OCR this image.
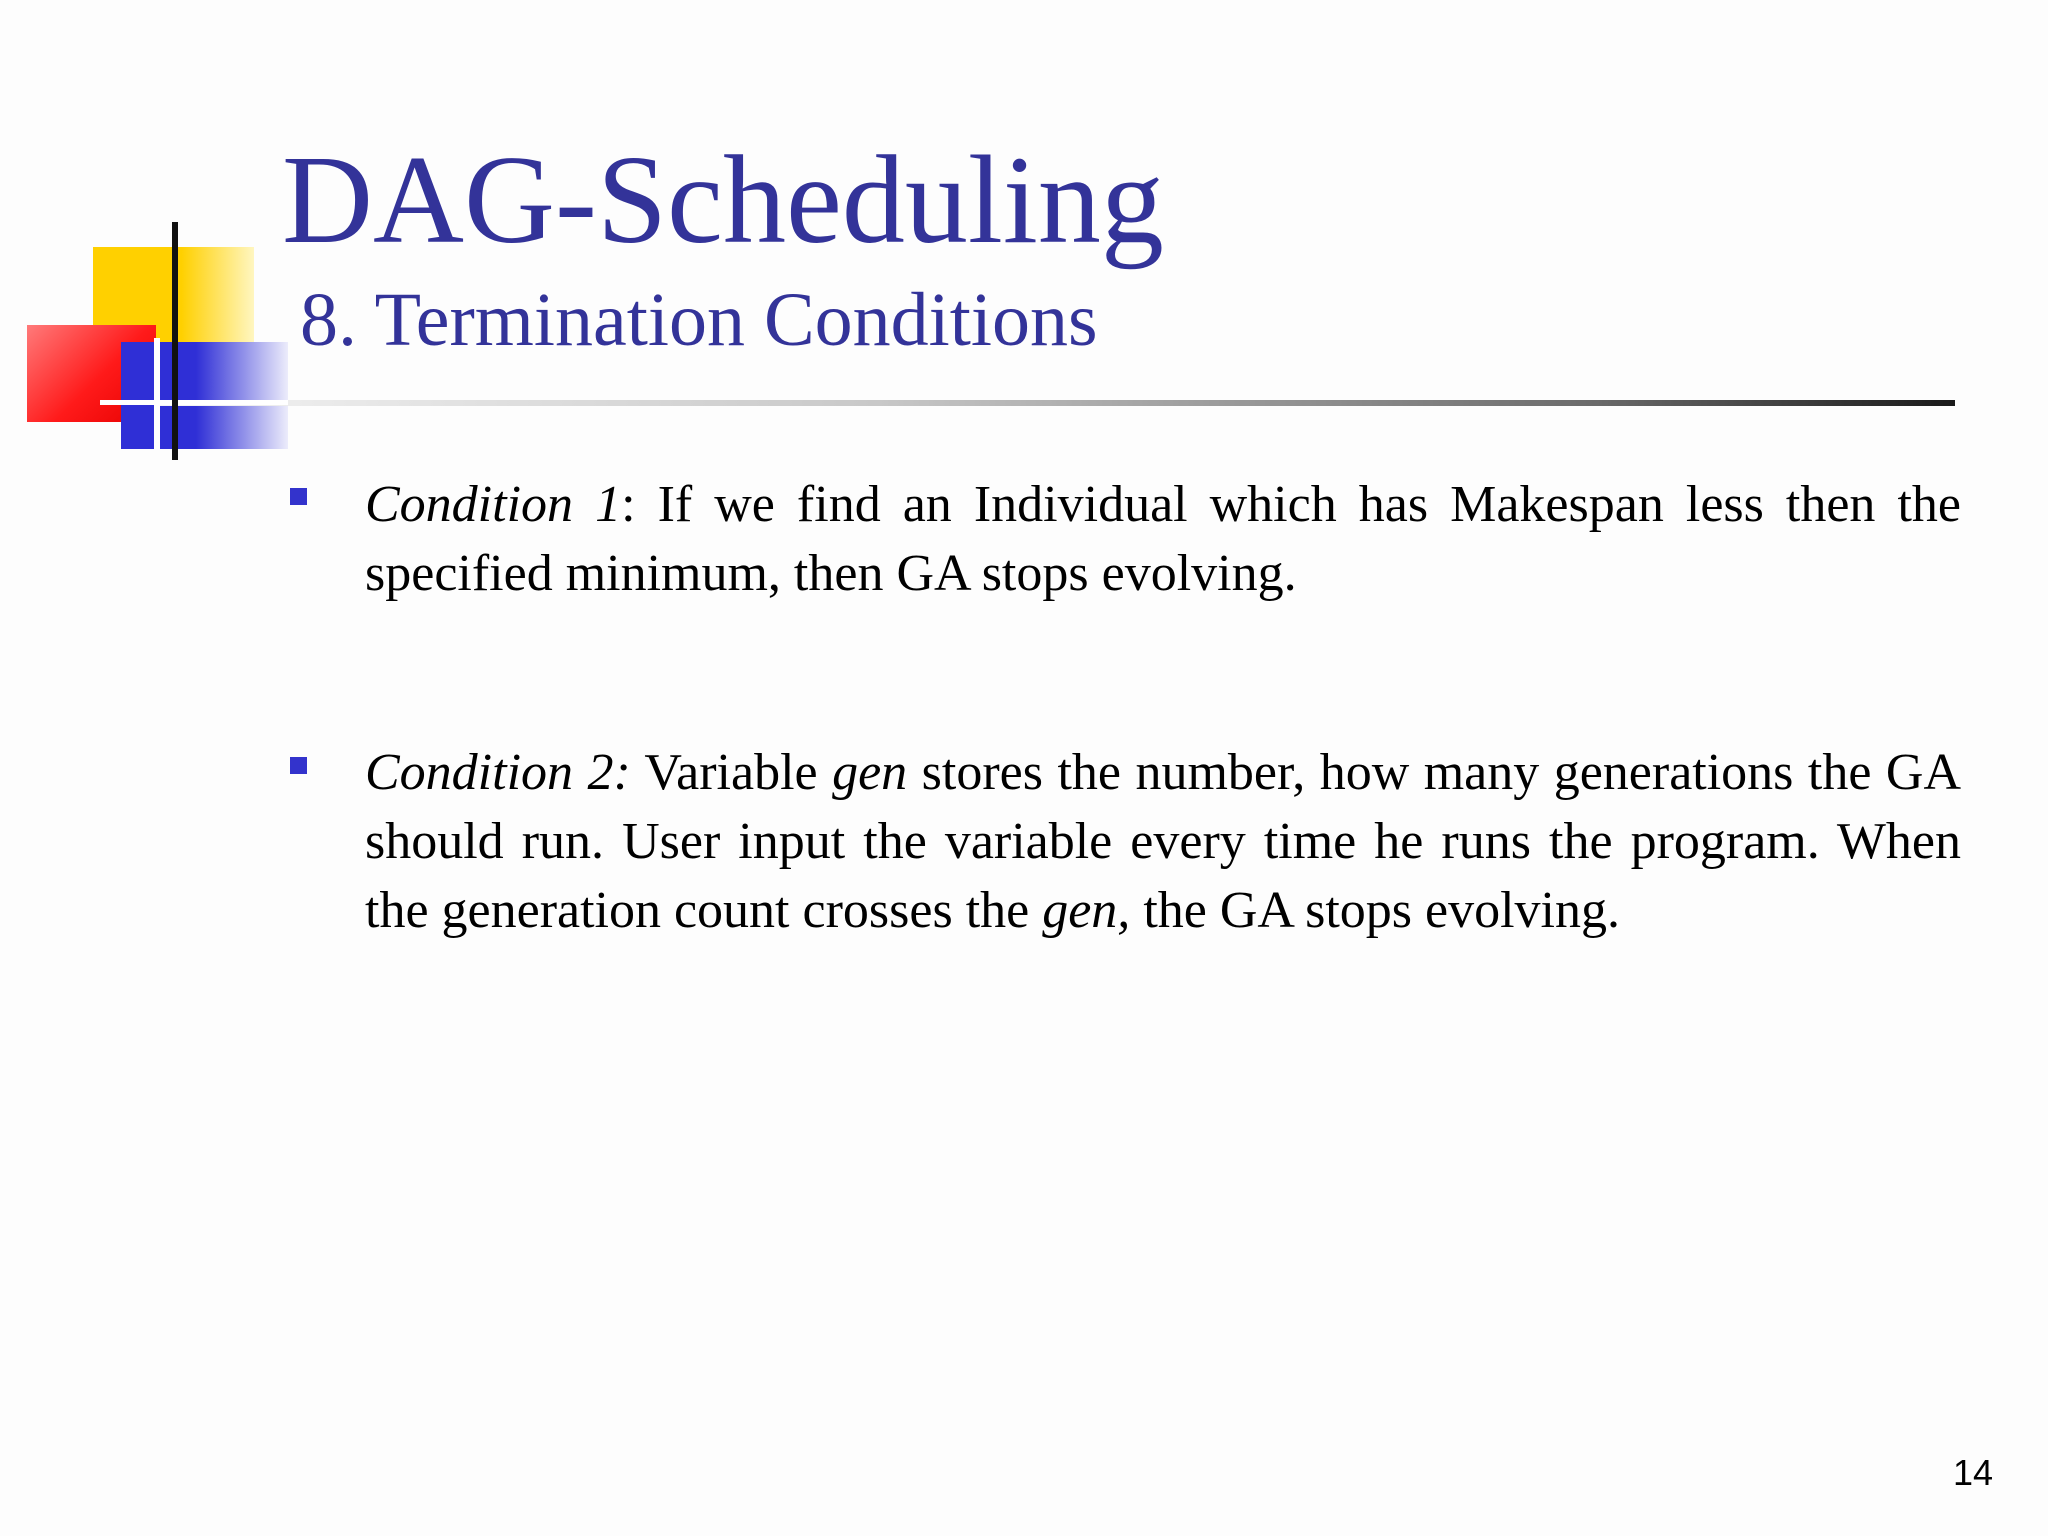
DAG-Scheduling
8. Termination Conditions
Condition 1: If we find an Individual which has Makespan less then the specified minimum, then GA stops evolving.
Condition 2: Variable gen stores the number, how many generations the GA should run. User input the variable every time he runs the program. When the generation count crosses the gen, the GA stops evolving.
14
